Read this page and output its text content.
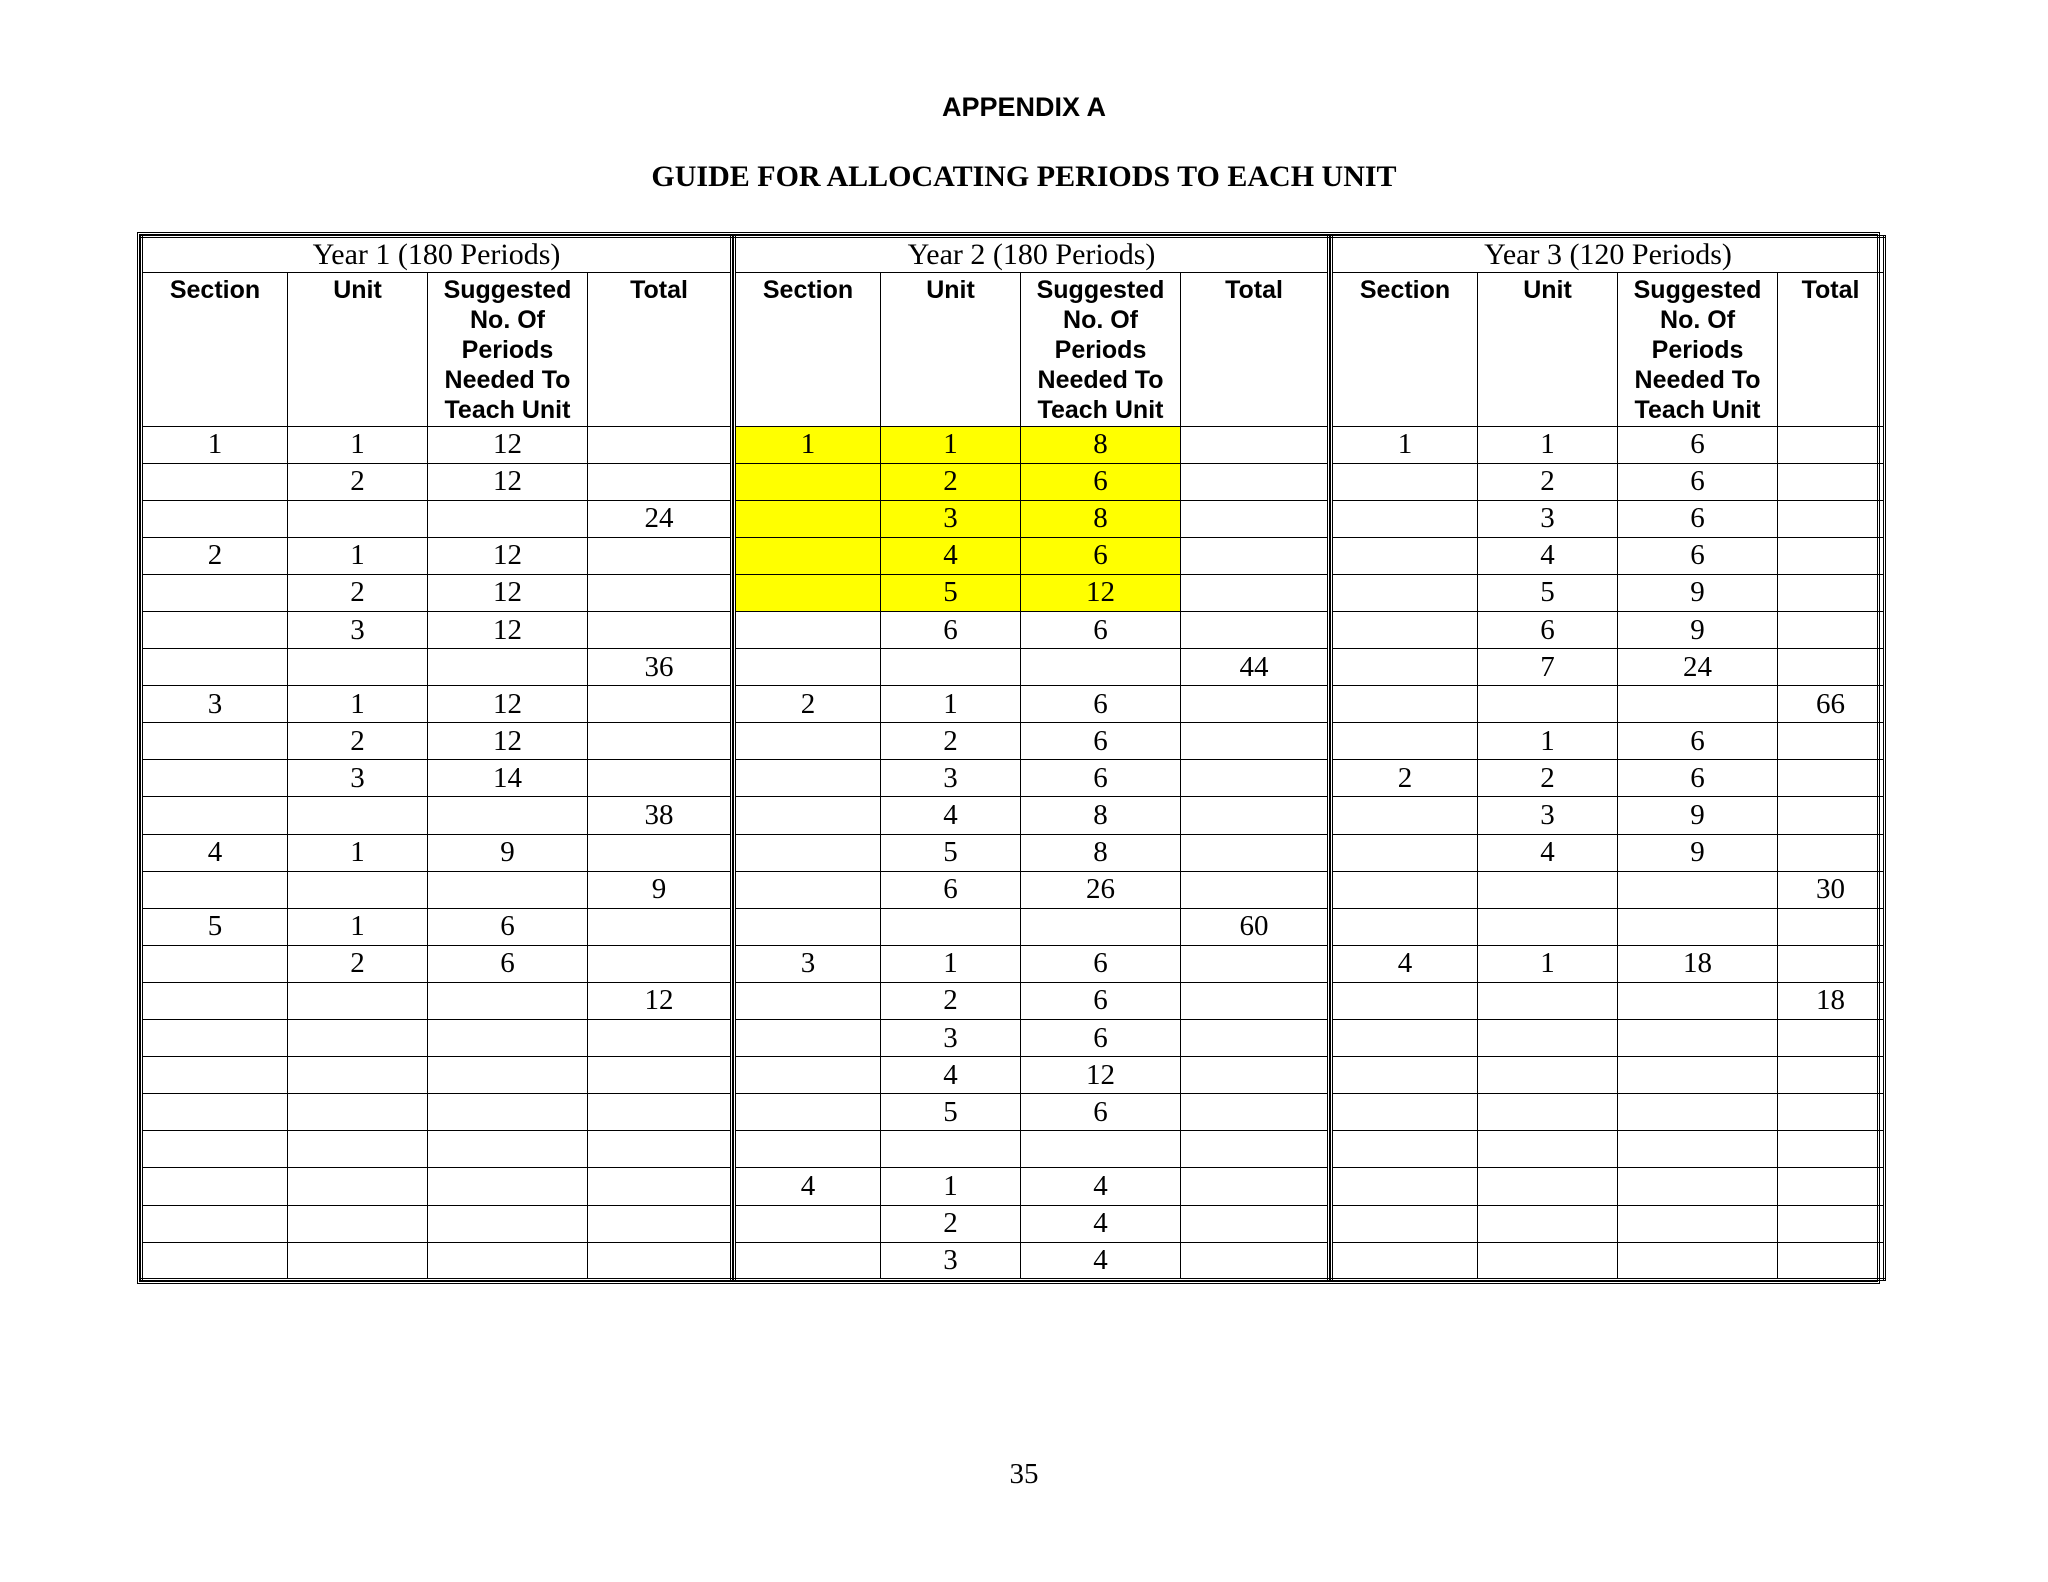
APPENDIX A
GUIDE FOR ALLOCATING PERIODS TO EACH UNIT
Year 1 (180 Periods)			
Section	Unit	Suggested No. Of Periods Needed To Teach Unit	Total
1	1	12	
	2	12	
			24
2	1	12	
	2	12	
	3	12	
			36
3	1	12	
	2	12	
	3	14	
			38
4	1	9	
			9
5	1	6	
	2	6	
			12

Year 2 (180 Periods)			
Section	Unit	Suggested No. Of Periods Needed To Teach Unit	Total
1	1	8	
	2	6	
	3	8	
	4	6	
	5	12	
	6	6	
			44
2	1	6	
	2	6	
	3	6	
	4	8	
	5	8	
	6	26	
			60
3	1	6	
	2	6	
	3	6	
	4	12	
	5	6	

4	1	4	
	2	4	
	3	4	
Year 3 (120 Periods)			
Section	Unit	Suggested No. Of Periods Needed To Teach Unit	Total
1	1	6	
	2	6	
	3	6	
	4	6	
	5	9	
	6	9	
	7	24	
			66
	1	6	
2	2	6	
	3	9	
	4	9	
			30

4	1	18	
			18

35
